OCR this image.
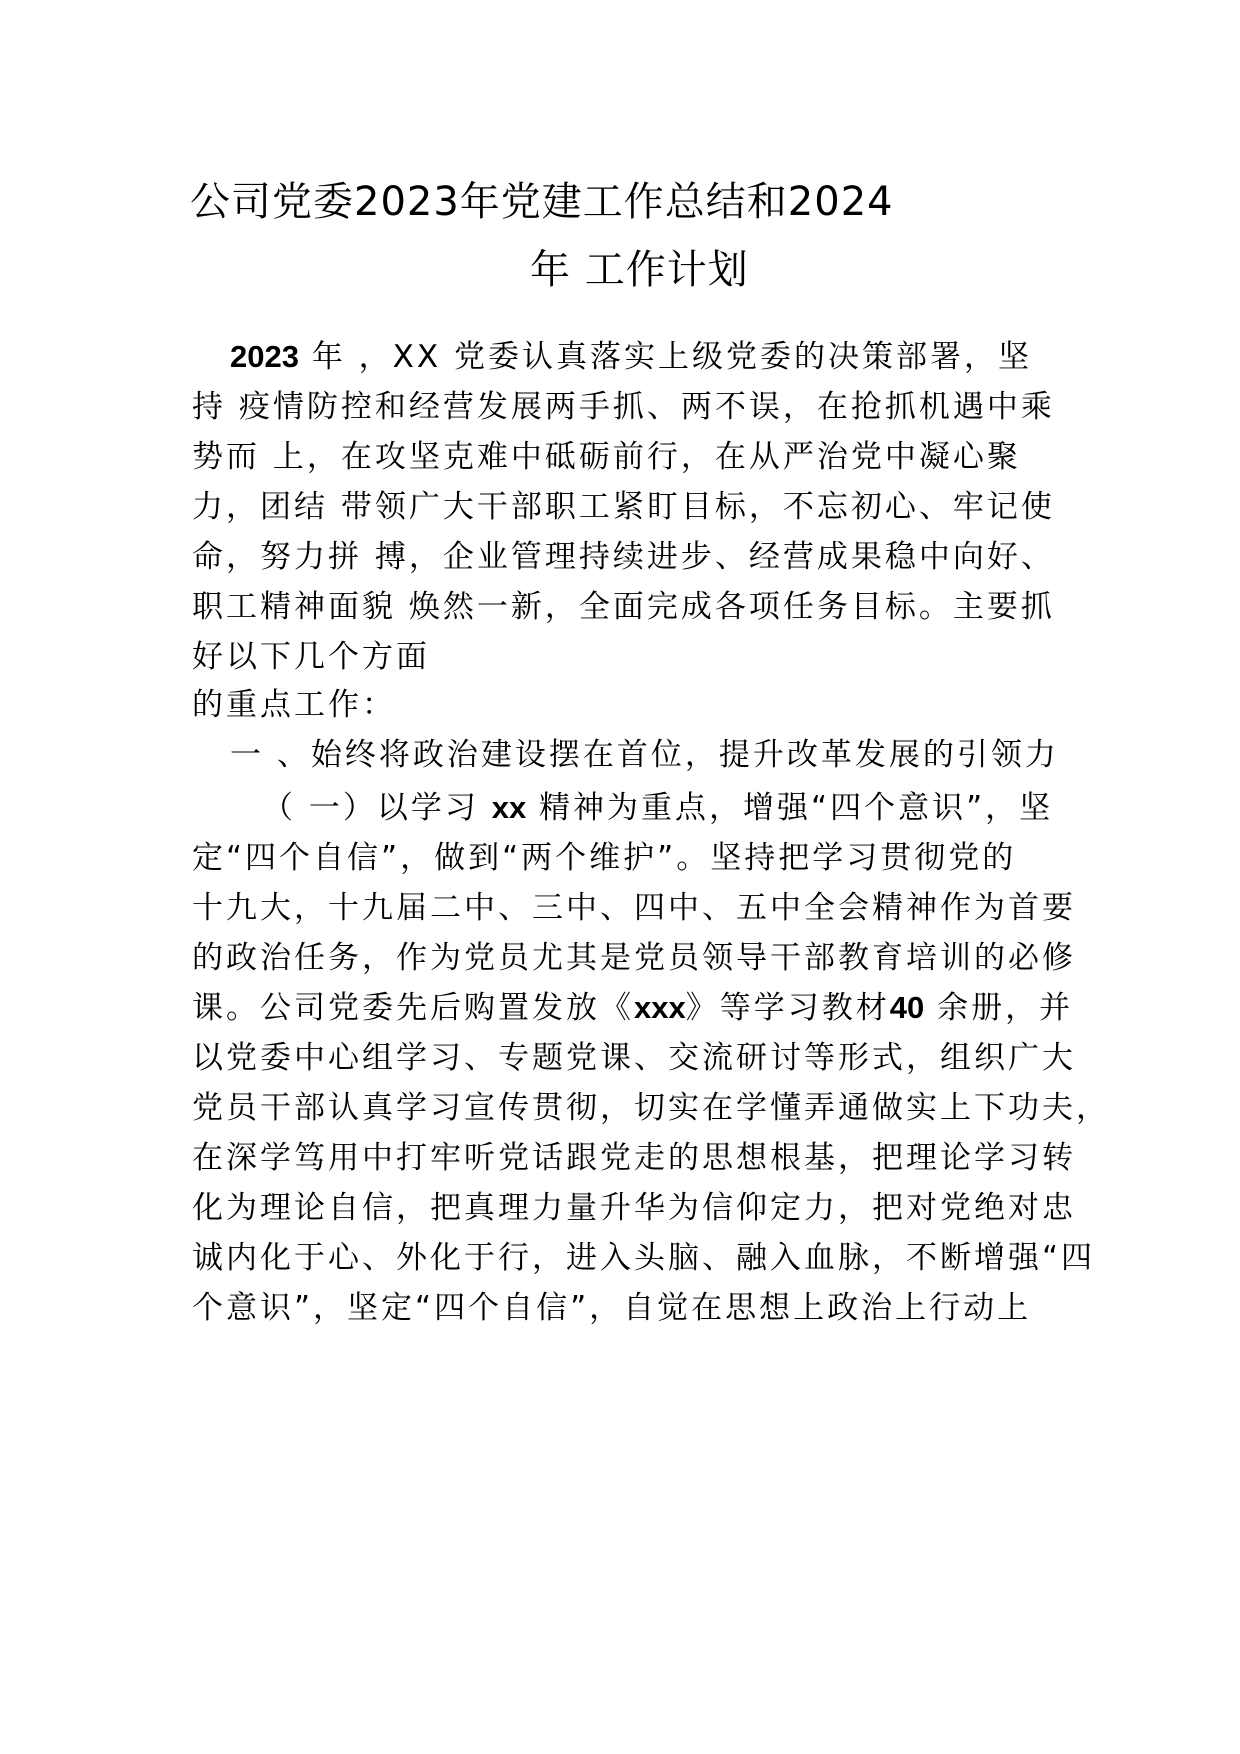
公司党委2023年党建工作总结和2024
年 工作计划
2023 年 ，XX 党委认真落实上级党委的决策部署，坚
持 疫情防控和经营发展两手抓、两不误，在抢抓机遇中乘
势而 上，在攻坚克难中砥砺前行，在从严治党中凝心聚
力，团结 带领广大干部职工紧盯目标，不忘初心、牢记使
命，努力拼 搏，企业管理持续进步、经营成果稳中向好、
职工精神面貌 焕然一新，全面完成各项任务目标。主要抓
好以下几个方面
的重点工作：
一 、始终将政治建设摆在首位，提升改革发展的引领力
（ 一）以学习 xx 精神为重点，增强“四个意识”，坚
定“四个自信”，做到“两个维护”。坚持把学习贯彻党的
十九大，十九届二中、三中、四中、五中全会精神作为首要
的政治任务，作为党员尤其是党员领导干部教育培训的必修
课。公司党委先后购置发放《xxx》等学习教材40 余册，并
以党委中心组学习、专题党课、交流研讨等形式，组织广大
党员干部认真学习宣传贯彻，切实在学懂弄通做实上下功夫，
在深学笃用中打牢听党话跟党走的思想根基，把理论学习转
化为理论自信，把真理力量升华为信仰定力，把对党绝对忠
诚内化于心、外化于行，进入头脑、融入血脉，不断增强“四
个意识”，坚定“四个自信”，自觉在思想上政治上行动上
